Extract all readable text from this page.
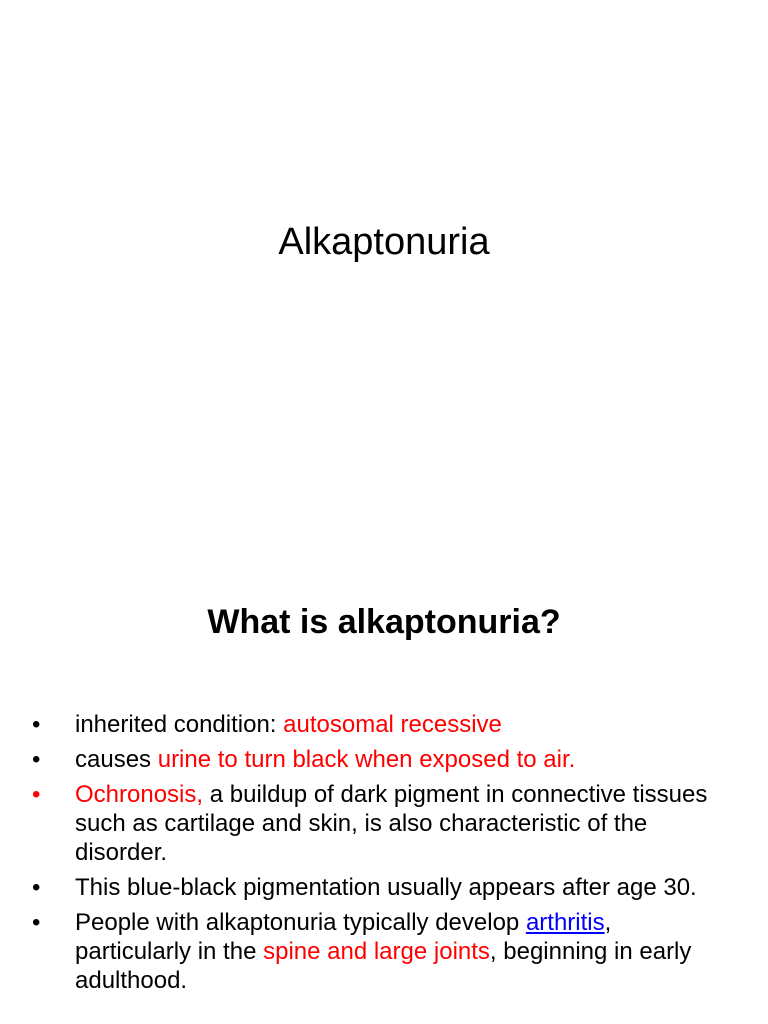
Alkaptonuria
What is alkaptonuria?
•	inherited condition: autosomal recessive
•	causes urine to turn black when exposed to air.
•	Ochronosis, a buildup of dark pigment in connective tissues such as cartilage and skin, is also characteristic of the disorder.
•	This blue-black pigmentation usually appears after age 30.
•	People with alkaptonuria typically develop arthritis, particularly in the spine and large joints, beginning in early adulthood.
